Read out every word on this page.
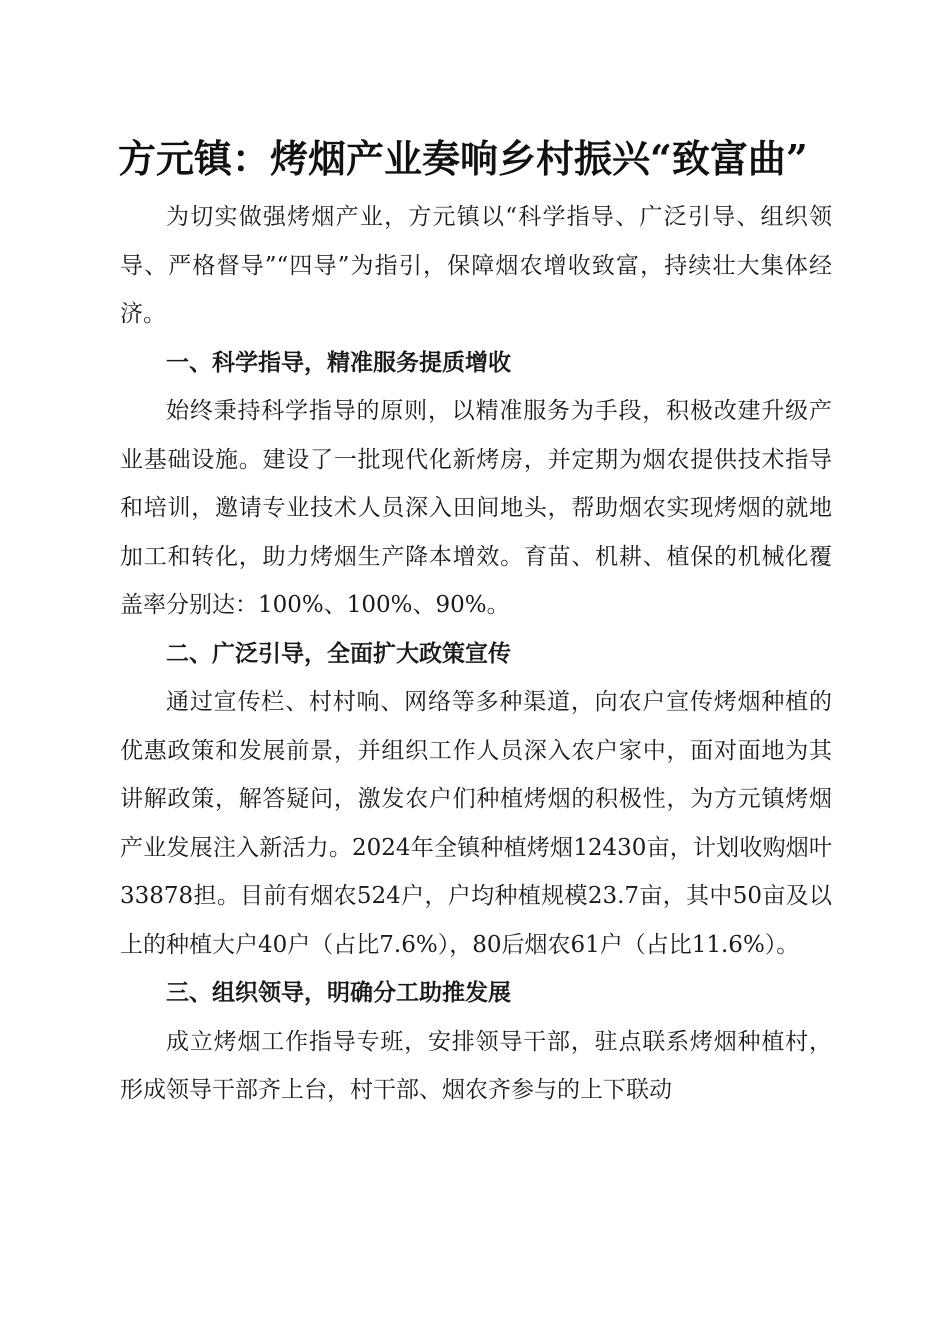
方元镇：烤烟产业奏响乡村振兴“致富曲”

为切实做强烤烟产业，方元镇以“科学指导、广泛引导、组织领导、严格督导”“四导”为指引，保障烟农增收致富，持续壮大集体经济。

一、科学指导，精准服务提质增收

始终秉持科学指导的原则，以精准服务为手段，积极改建升级产业基础设施。建设了一批现代化新烤房，并定期为烟农提供技术指导和培训，邀请专业技术人员深入田间地头，帮助烟农实现烤烟的就地加工和转化，助力烤烟生产降本增效。育苗、机耕、植保的机械化覆盖率分别达：100%、100%、90%。

二、广泛引导，全面扩大政策宣传

通过宣传栏、村村响、网络等多种渠道，向农户宣传烤烟种植的优惠政策和发展前景，并组织工作人员深入农户家中，面对面地为其讲解政策，解答疑问，激发农户们种植烤烟的积极性，为方元镇烤烟产业发展注入新活力。2024年全镇种植烤烟12430亩，计划收购烟叶33878担。目前有烟农524户，户均种植规模23.7亩，其中50亩及以上的种植大户40户（占比7.6%），80后烟农61户（占比11.6%）。

三、组织领导，明确分工助推发展

成立烤烟工作指导专班，安排领导干部，驻点联系烤烟种植村，形成领导干部齐上台，村干部、烟农齐参与的上下联动
